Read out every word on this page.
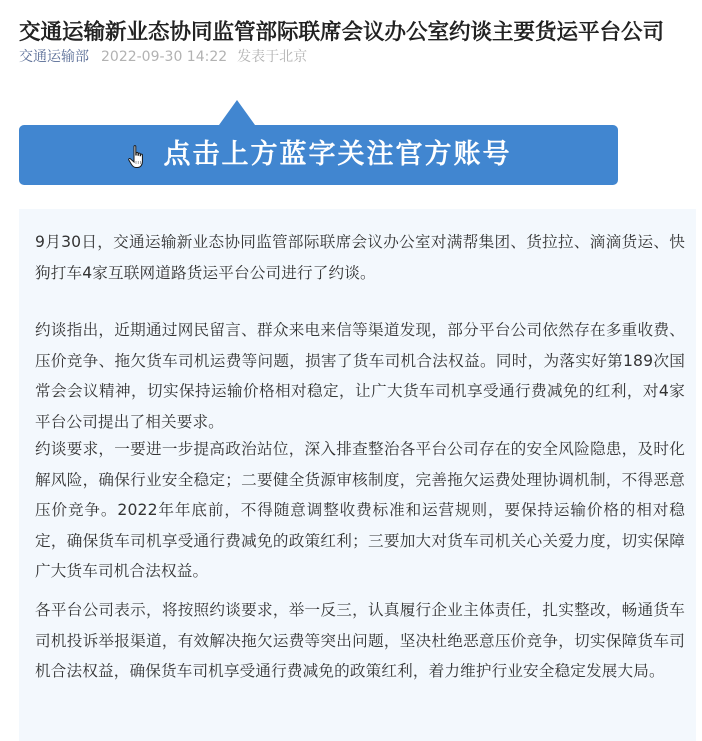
交通运输新业态协同监管部际联席会议办公室约谈主要货运平台公司
交通运输部 2022-09-30 14:22 发表于北京
点击上方蓝字关注官方账号

9月30日，交通运输新业态协同监管部际联席会议办公室对满帮集团、货拉拉、滴滴货运、快狗打车4家互联网道路货运平台公司进行了约谈。

约谈指出，近期通过网民留言、群众来电来信等渠道发现，部分平台公司依然存在多重收费、压价竞争、拖欠货车司机运费等问题，损害了货车司机合法权益。同时，为落实好第189次国常会会议精神，切实保持运输价格相对稳定，让广大货车司机享受通行费减免的红利，对4家平台公司提出了相关要求。

约谈要求，一要进一步提高政治站位，深入排查整治各平台公司存在的安全风险隐患，及时化解风险，确保行业安全稳定；二要健全货源审核制度，完善拖欠运费处理协调机制，不得恶意压价竞争。2022年年底前，不得随意调整收费标准和运营规则，要保持运输价格的相对稳定，确保货车司机享受通行费减免的政策红利；三要加大对货车司机关心关爱力度，切实保障广大货车司机合法权益。

各平台公司表示，将按照约谈要求，举一反三，认真履行企业主体责任，扎实整改，畅通货车司机投诉举报渠道，有效解决拖欠运费等突出问题，坚决杜绝恶意压价竞争，切实保障货车司机合法权益，确保货车司机享受通行费减免的政策红利，着力维护行业安全稳定发展大局。
